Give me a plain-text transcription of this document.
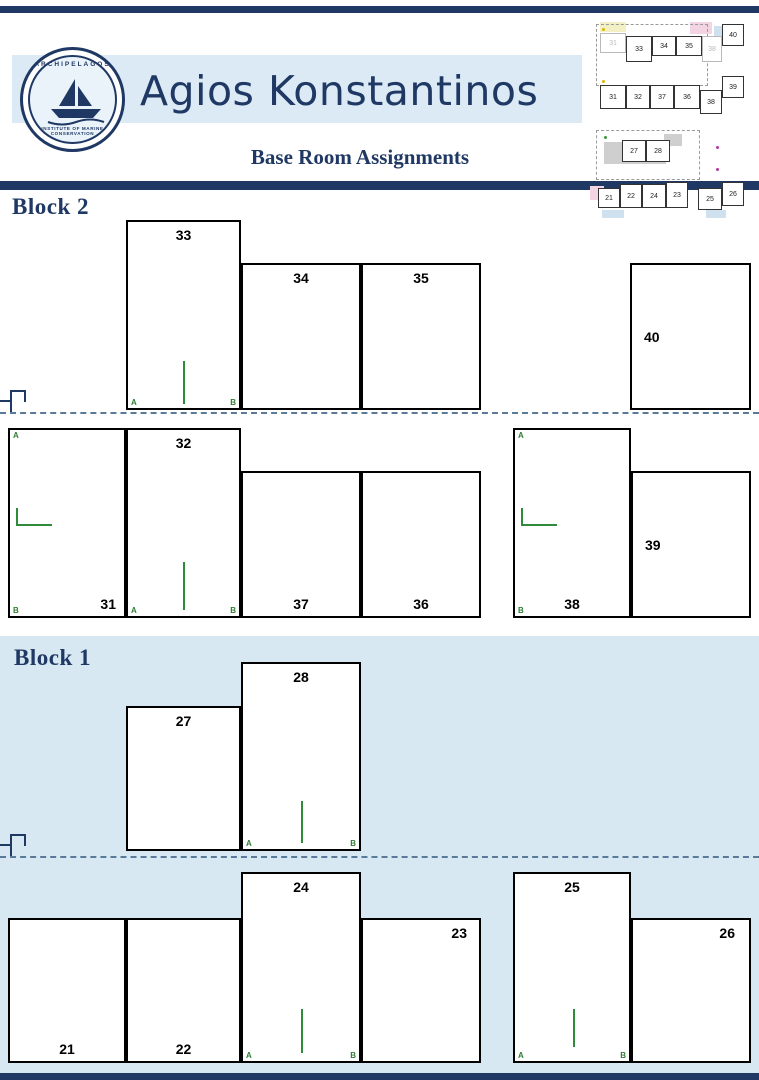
Agios Konstantinos
Base Room Assignments
ARCHIPELAGOS
INSTITUTE OF MARINE CONSERVATION
31
33 34 35 38
40
39
31 32 37 36
38
27 28
21 22 24 23
25
26
Block 2
33
A	B
34	35
40
31
A
B
32
A	B	37	36	38
A
B
39
Block 1
27
28
A	B
21	22
24
A	B
23
25
A	B
26
